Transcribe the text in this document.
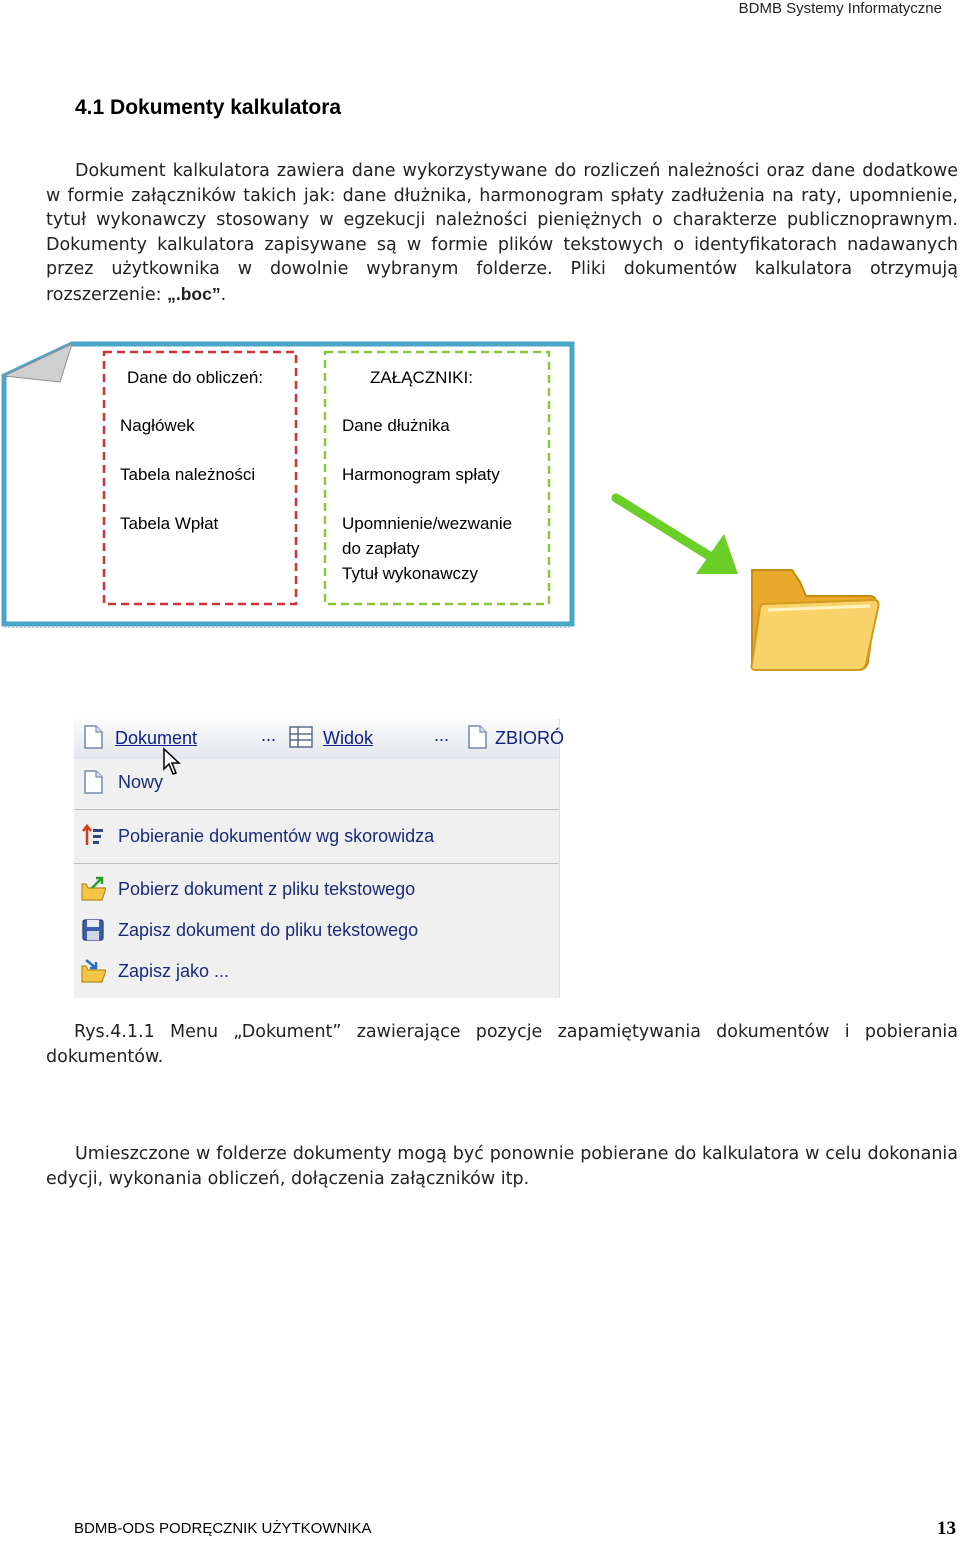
BDMB Systemy Informatyczne
4.1 Dokumenty kalkulatora
Dokument kalkulatora zawiera dane wykorzystywane do rozliczeń należności oraz dane dodatkowe w formie załączników takich jak: dane dłużnika, harmonogram spłaty zadłużenia na raty, upomnienie, tytuł wykonawczy stosowany w egzekucji należności pieniężnych o charakterze publicznoprawnym. Dokumenty kalkulatora zapisywane są w formie plików tekstowych o identyfikatorach nadawanych przez użytkownika w dowolnie wybranym folderze. Pliki dokumentów kalkulatora otrzymują rozszerzenie: „.boc”.
Dane do obliczeń:
Nagłówek
Tabela należności
Tabela Wpłat
ZAŁĄCZNIKI:
Dane dłużnika
Harmonogram spłaty
Upomnienie/wezwanie
do zapłaty
Tytuł wykonawczy
Dokument	...	Widok	...	ZBIORÓ
Nowy
Pobieranie dokumentów wg skorowidza
Pobierz dokument z pliku tekstowego
Zapisz dokument do pliku tekstowego
Zapisz jako ...
Rys.4.1.1 Menu „Dokument” zawierające pozycje zapamiętywania dokumentów i pobierania dokumentów.
Umieszczone w folderze dokumenty mogą być ponownie pobierane do kalkulatora w celu dokonania edycji, wykonania obliczeń, dołączenia załączników itp.
BDMB-ODS PODRĘCZNIK UŻYTKOWNIKA	13
